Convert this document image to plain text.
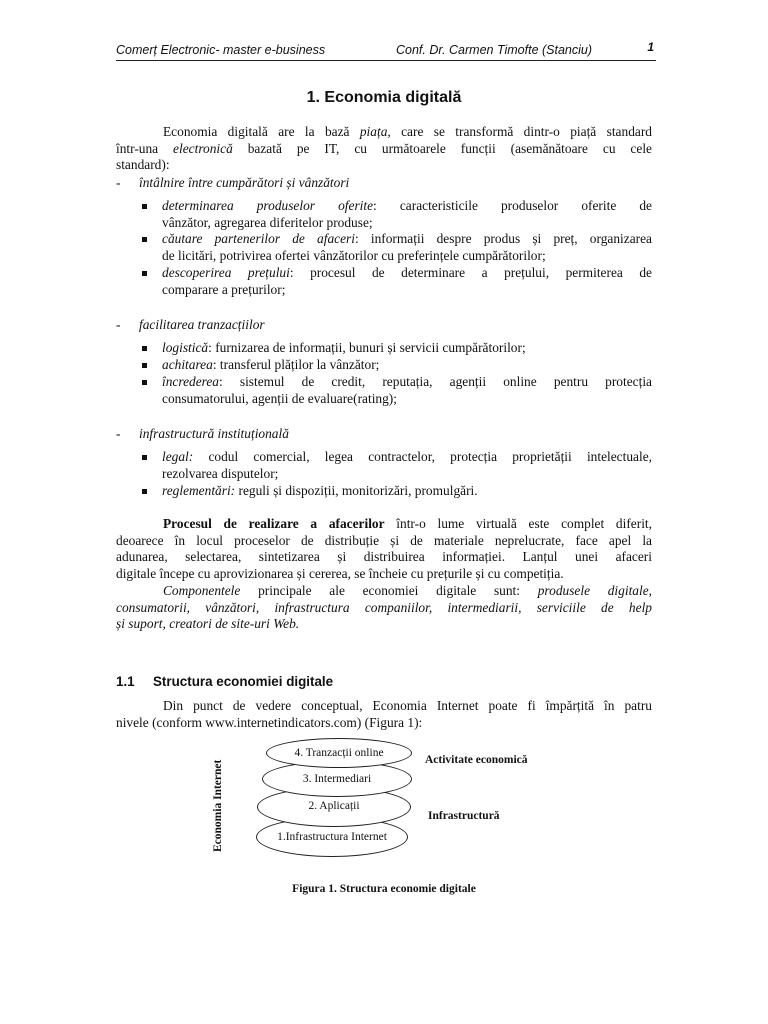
Comerț Electronic- master e-business	Conf. Dr. Carmen Timofte (Stanciu)	1
1. Economia digitală
Economia digitală are la bază piața, care se transformă dintr-o piață standard
într-una electronică bazată pe IT, cu următoarele funcții (asemănătoare cu cele
standard):
- întâlnire între cumpărători și vânzători
determinarea produselor oferite: caracteristicile produselor oferite de
vânzător, agregarea diferitelor produse;
căutare partenerilor de afaceri: informații despre produs și preț, organizarea
de licitări, potrivirea ofertei vânzătorilor cu preferințele cumpărătorilor;
descoperirea prețului: procesul de determinare a prețului, permiterea de
comparare a prețurilor;
- facilitarea tranzacțiilor
logistică: furnizarea de informații, bunuri și servicii cumpărătorilor;
achitarea: transferul plăților la vânzător;
încrederea: sistemul de credit, reputația, agenții online pentru protecția
consumatorului, agenții de evaluare(rating);
- infrastructură instituțională
legal: codul comercial, legea contractelor, protecția proprietății intelectuale,
rezolvarea disputelor;
reglementări: reguli și dispoziții, monitorizări, promulgări.
Procesul de realizare a afacerilor într-o lume virtuală este complet diferit,
deoarece în locul proceselor de distribuție și de materiale neprelucrate, face apel la
adunarea, selectarea, sintetizarea și distribuirea informației. Lanțul unei afaceri
digitale începe cu aprovizionarea și cererea, se încheie cu prețurile și cu competiția.
Componentele principale ale economiei digitale sunt: produsele digitale,
consumatorii, vânzători, infrastructura companiilor, intermediarii, serviciile de help
și suport, creatori de site-uri Web.
1.1 Structura economiei digitale
Din punct de vedere conceptual, Economia Internet poate fi împărțită în patru
nivele (conform www.internetindicators.com) (Figura 1):
Economia Internet	1.Infrastructura Internet
2. Aplicații
3. Intermediari
4. Tranzacții online
Activitate economică
Infrastructură
Figura 1. Structura economie digitale
